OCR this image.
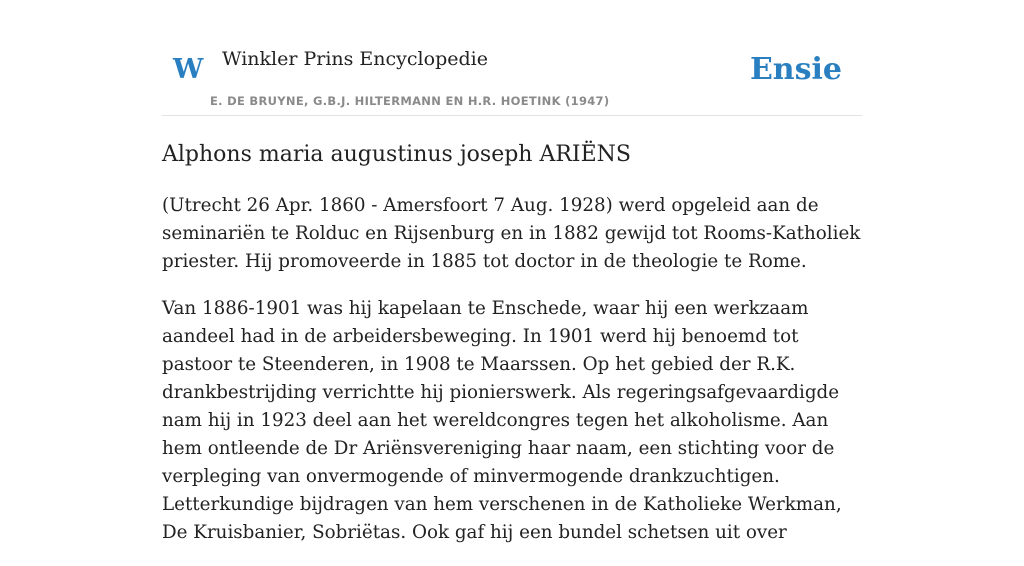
W Winkler Prins Encyclopedie
E. DE BRUYNE, G.B.J. HILTERMANN EN H.R. HOETINK (1947)
Ensie
Alphons maria augustinus joseph ARIËNS

(Utrecht 26 Apr. 1860 - Amersfoort 7 Aug. 1928) werd opgeleid aan de seminariën te Rolduc en Rijsenburg en in 1882 gewijd tot Rooms-Katholiek priester. Hij promoveerde in 1885 tot doctor in de theologie te Rome.

Van 1886-1901 was hij kapelaan te Enschede, waar hij een werkzaam aandeel had in de arbeidersbeweging. In 1901 werd hij benoemd tot pastoor te Steenderen, in 1908 te Maarssen. Op het gebied der R.K. drankbestrijding verrichtte hij pionierswerk. Als regeringsafgevaardigde nam hij in 1923 deel aan het wereldcongres tegen het alkoholisme. Aan hem ontleende de Dr Ariënsvereniging haar naam, een stichting voor de verpleging van onvermogende of minvermogende drankzuchtigen. Letterkundige bijdragen van hem verschenen in de Katholieke Werkman, De Kruisbanier, Sobriëtas. Ook gaf hij een bundel schetsen uit over
